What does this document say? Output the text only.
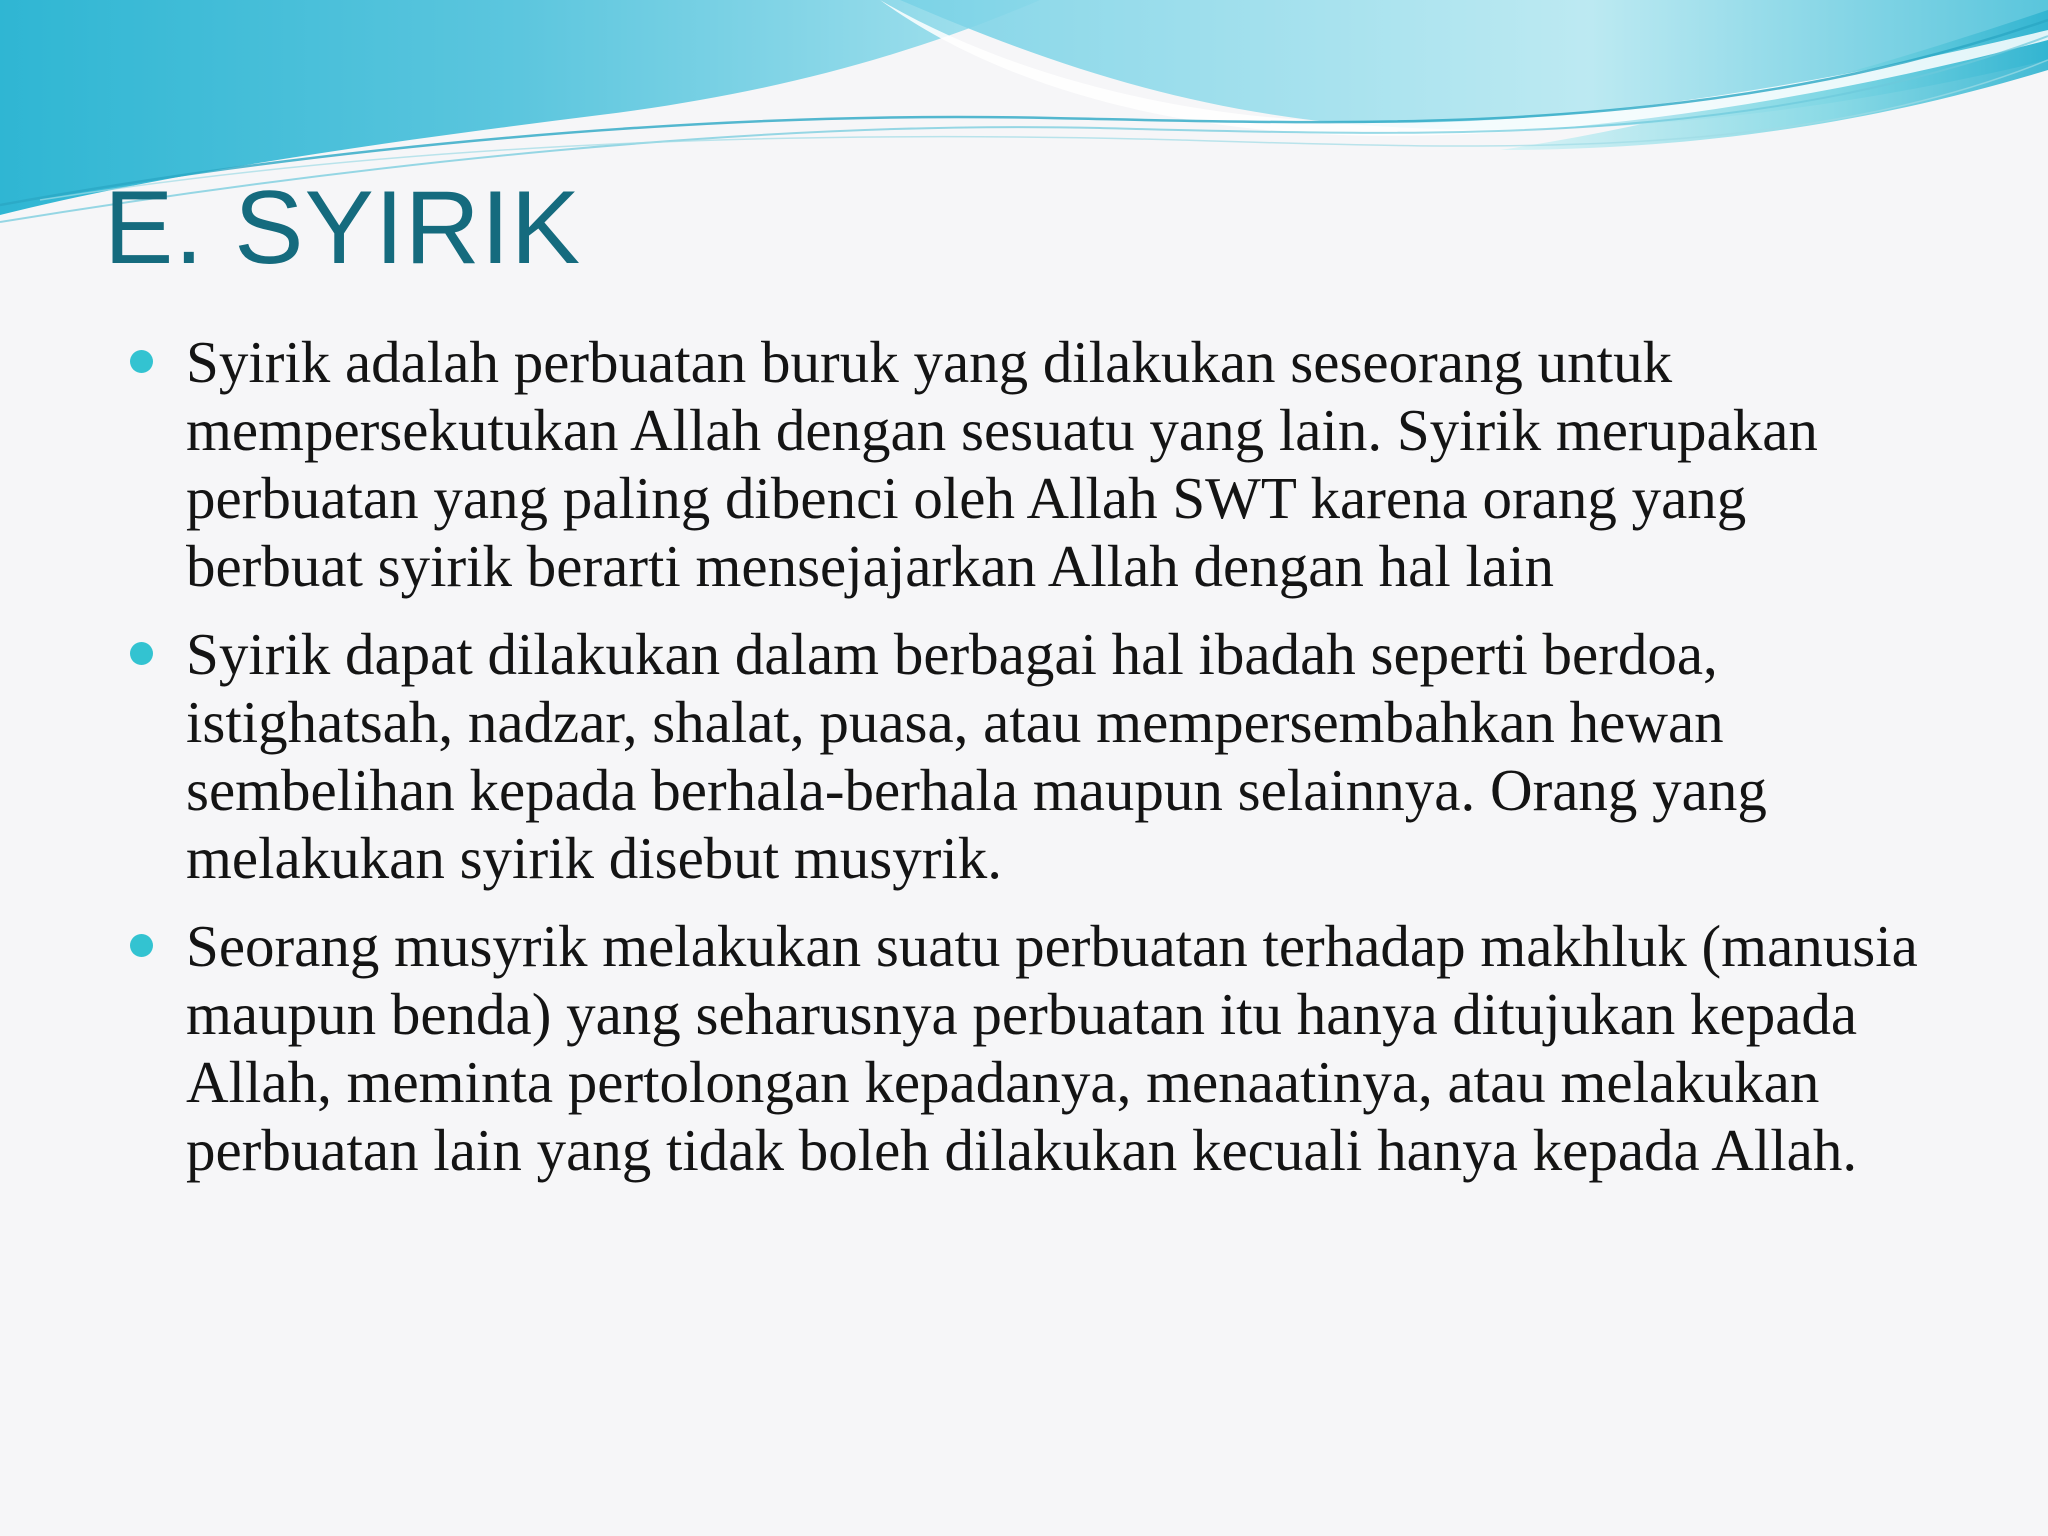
E. SYIRIK
Syirik adalah perbuatan buruk yang dilakukan seseorang untuk mempersekutukan Allah dengan sesuatu yang lain. Syirik merupakan perbuatan yang paling dibenci oleh Allah SWT karena orang yang berbuat syirik berarti mensejajarkan Allah dengan hal lain
Syirik dapat dilakukan dalam berbagai hal ibadah seperti berdoa, istighatsah, nadzar, shalat, puasa, atau mempersembahkan hewan sembelihan kepada berhala-berhala maupun selainnya. Orang yang melakukan syirik disebut musyrik.
Seorang musyrik melakukan suatu perbuatan terhadap makhluk (manusia maupun benda) yang seharusnya perbuatan itu hanya ditujukan kepada Allah, meminta pertolongan kepadanya, menaatinya, atau melakukan perbuatan lain yang tidak boleh dilakukan kecuali hanya kepada Allah.
